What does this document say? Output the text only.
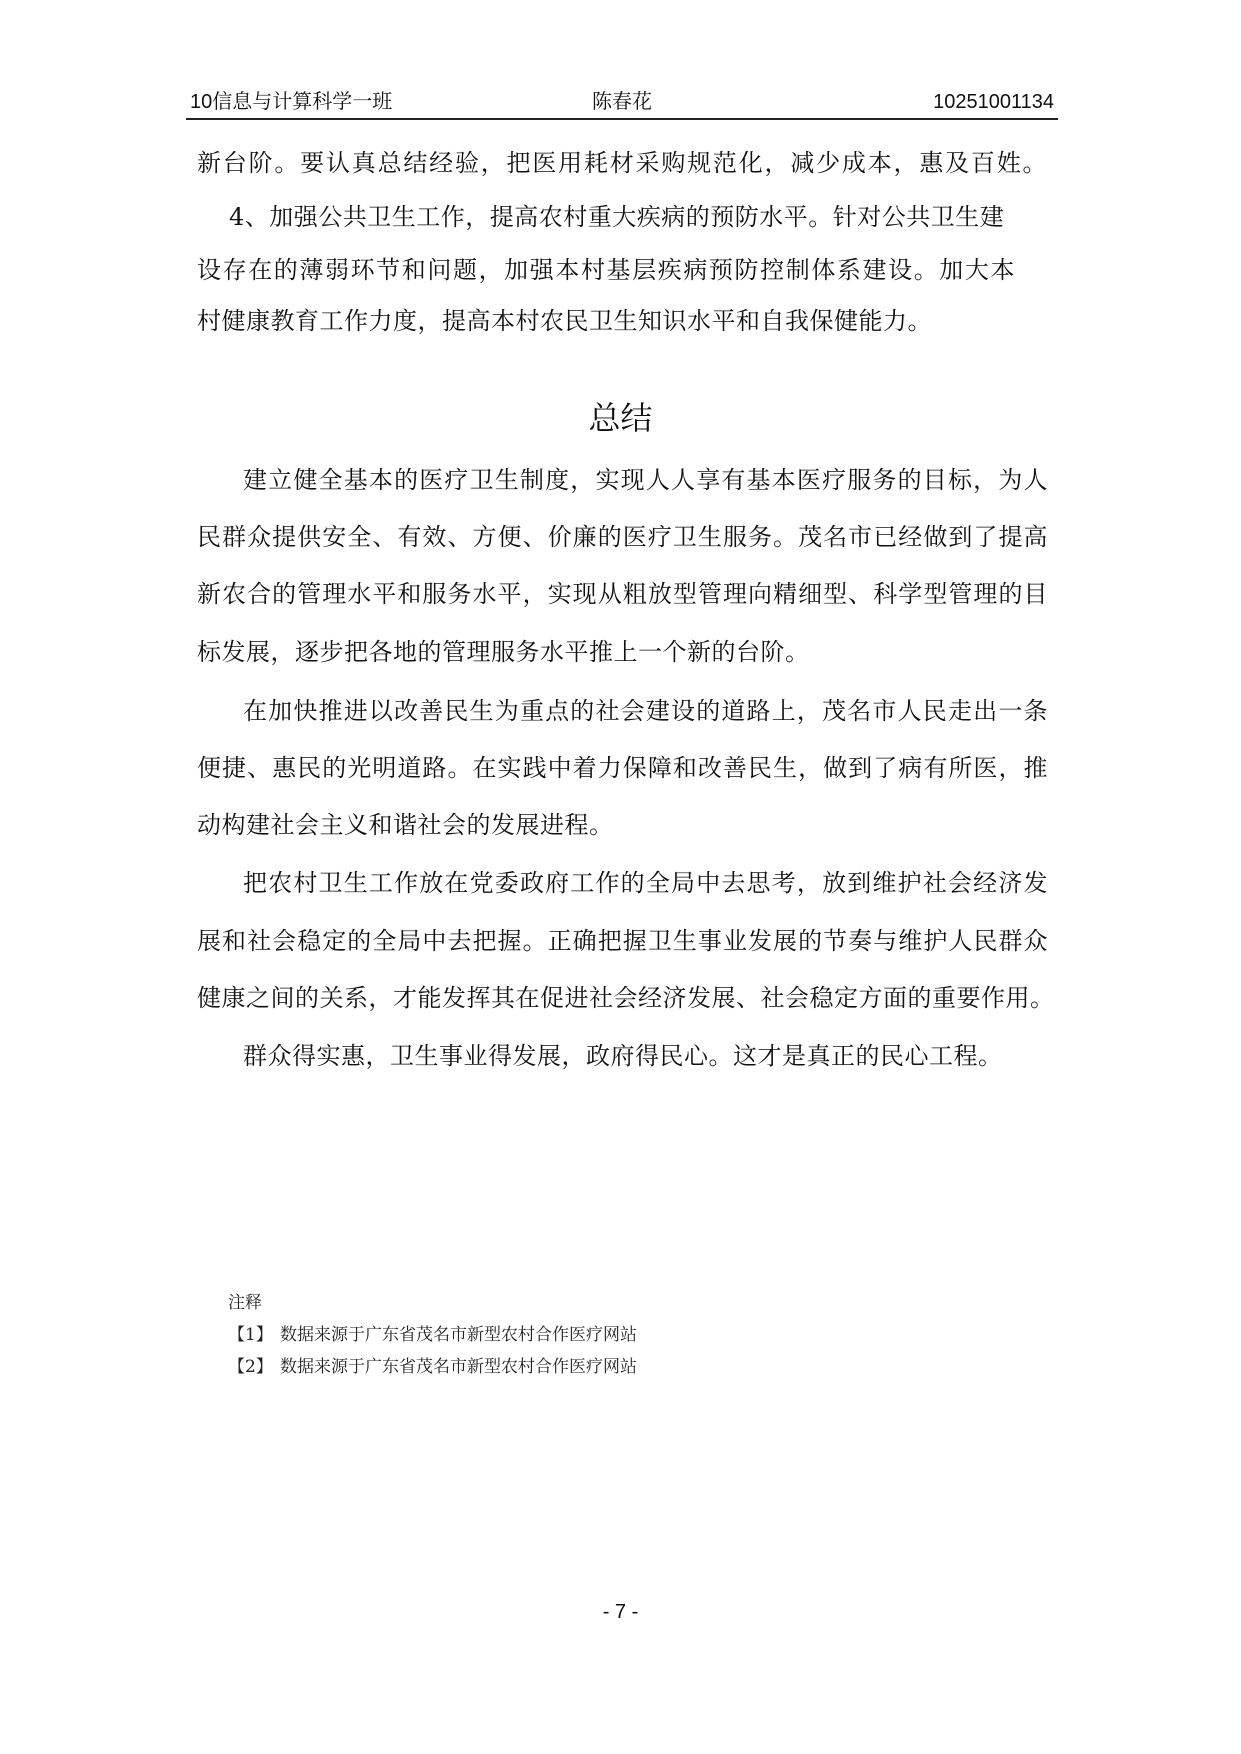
10信息与计算科学一班	陈春花	10251001134
新台阶。要认真总结经验，把医用耗材采购规范化，减少成本，惠及百姓。
4、加强公共卫生工作，提高农村重大疾病的预防水平。针对公共卫生建
设存在的薄弱环节和问题，加强本村基层疾病预防控制体系建设。加大本
村健康教育工作力度，提高本村农民卫生知识水平和自我保健能力。
总结
建立健全基本的医疗卫生制度，实现人人享有基本医疗服务的目标，为人
民群众提供安全、有效、方便、价廉的医疗卫生服务。茂名市已经做到了提高
新农合的管理水平和服务水平，实现从粗放型管理向精细型、科学型管理的目
标发展，逐步把各地的管理服务水平推上一个新的台阶。
在加快推进以改善民生为重点的社会建设的道路上，茂名市人民走出一条
便捷、惠民的光明道路。在实践中着力保障和改善民生，做到了病有所医，推
动构建社会主义和谐社会的发展进程。
把农村卫生工作放在党委政府工作的全局中去思考，放到维护社会经济发
展和社会稳定的全局中去把握。正确把握卫生事业发展的节奏与维护人民群众
健康之间的关系，才能发挥其在促进社会经济发展、社会稳定方面的重要作用。
群众得实惠，卫生事业得发展，政府得民心。这才是真正的民心工程。
注释
【1】 数据来源于广东省茂名市新型农村合作医疗网站
【2】 数据来源于广东省茂名市新型农村合作医疗网站
- 7 -
